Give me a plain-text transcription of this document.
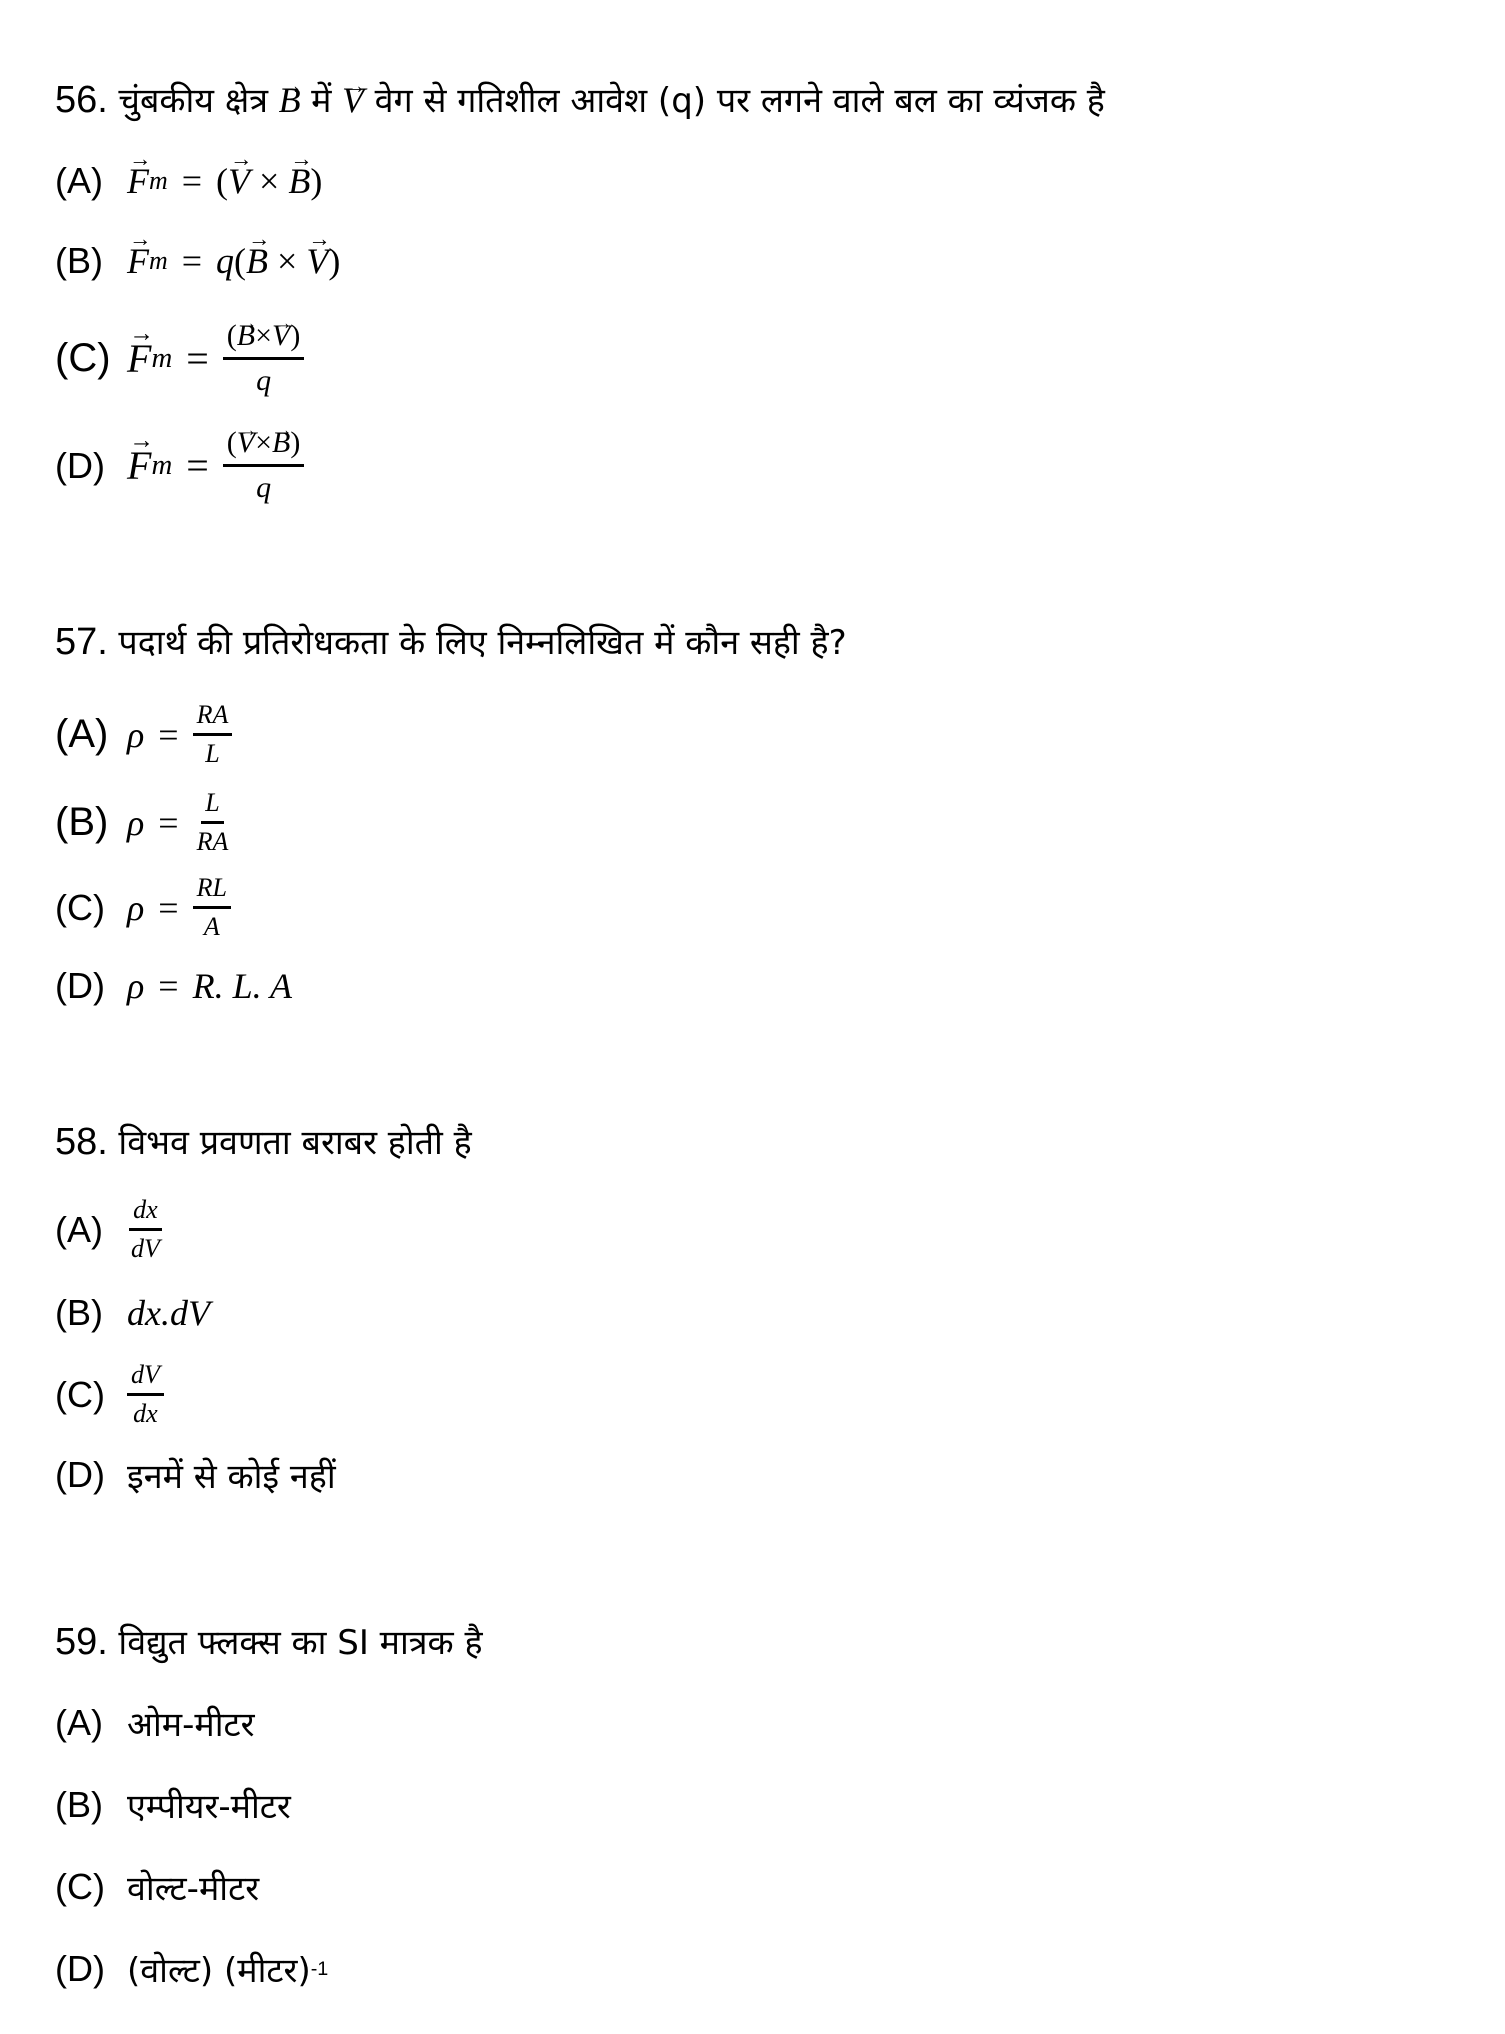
56. चुंबकीय क्षेत्र → B में → V वेग से गतिशील आवेश (q) पर लगने वाले बल का व्यंजक है
(A) → F m = ( → V × → B )
(B) → F m = q ( → B × → V )
(C) → F $m = \frac{(\to B\times\to V)}{q}$
(D) → F $m = \frac{(\to V\times\to B)}{q}$
57. पदार्थ की प्रतिरोधकता के लिए निम्नलिखित में कौन सही है?
(A) $\rho = \frac{RA}{L}$
(B) $\rho = \frac{L}{RA}$
(C) $\rho = \frac{RL}{A}$
(D) ρ = R. L. A
58. विभव प्रवणता बराबर होती है
$(A) \frac{dx}{dV}$
(B) dx.dV
$(C) \frac{dV}{dx}$
(D) इनमें से कोई नहीं
59. विद्युत फ्लक्स का SI मात्रक है
(A) ओम-मीटर
(B) एम्पीयर-मीटर
(C) वोल्ट-मीटर
(D) (वोल्ट) (मीटर) -1
